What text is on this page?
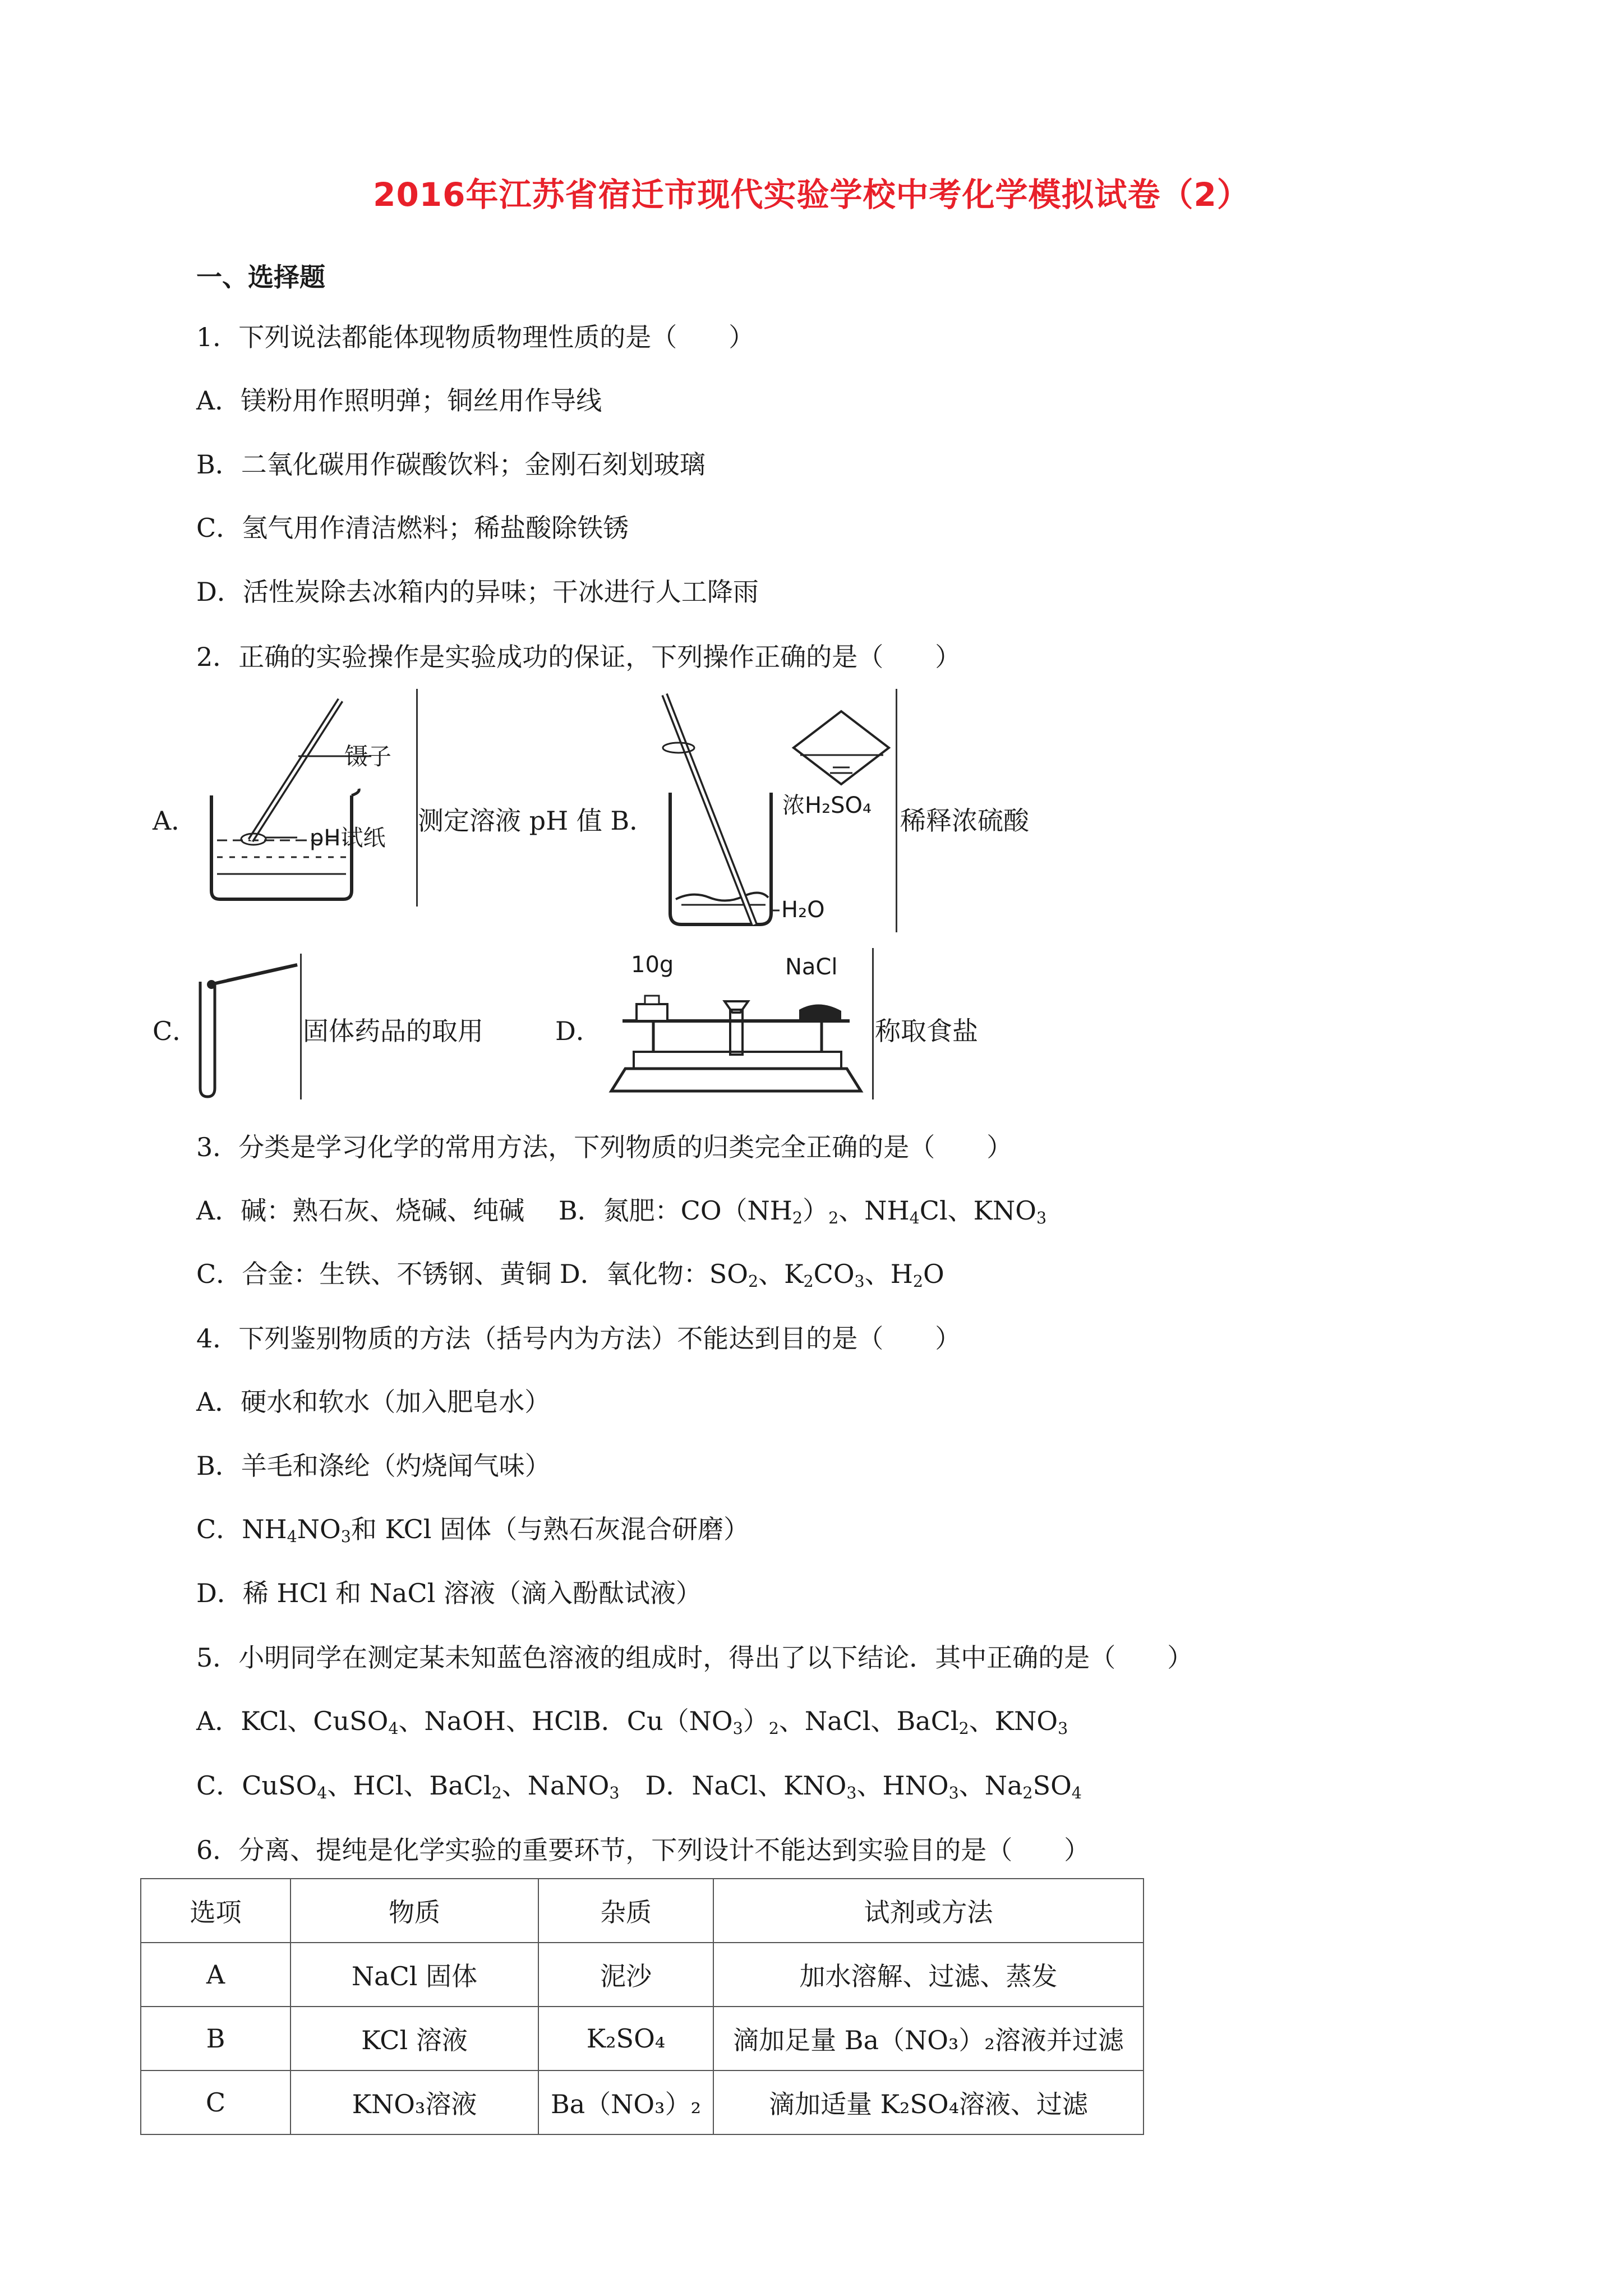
2016年江苏省宿迁市现代实验学校中考化学模拟试卷（2）
一、选择题
1．下列说法都能体现物质物理性质的是（　　）
A．镁粉用作照明弹；铜丝用作导线
B．二氧化碳用作碳酸饮料；金刚石刻划玻璃
C．氢气用作清洁燃料；稀盐酸除铁锈
D．活性炭除去冰箱内的异味；干冰进行人工降雨
2．正确的实验操作是实验成功的保证，下列操作正确的是（　　）
A．
镊子
pH试纸
测定溶液 pH 值 B．	浓H₂SO₄
H₂O
稀释浓硫酸
C．	固体药品的取用	D．
10g	NaCl
称取食盐
3．分类是学习化学的常用方法，下列物质的归类完全正确的是（　　）
A．碱：熟石灰、烧碱、纯碱　 B．氮肥：$CO(NH_2)_2$、$NH_4Cl$、$KNO_3$
C．合金：生铁、不锈钢、黄铜 D．氧化物：$SO_2$、$K_2CO_3$、$H_2O$
4．下列鉴别物质的方法（括号内为方法）不能达到目的是（　　）
A．硬水和软水（加入肥皂水）
B．羊毛和涤纶（灼烧闻气味）
C．$NH_4NO_3$和 KCl 固体（与熟石灰混合研磨）
D．稀 HCl 和 NaCl 溶液（滴入酚酞试液）
5．小明同学在测定某未知蓝色溶液的组成时，得出了以下结论．其中正确的是（　　）
A．KCl、CuSO$_4$、NaOH、HClB．$Cu(NO_3)_2$、NaCl、BaCl$_2$、$KNO_3$
C．CuSO$_4$、HCl、BaCl$_2$、NaNO$_3$　D．NaCl、$KNO_3$、$HNO_3$、$Na_2SO_4$
6．分离、提纯是化学实验的重要环节，下列设计不能达到实验目的是（　　）
选项	物质	杂质	试剂或方法
A	NaCl 固体	泥沙	加水溶解、过滤、蒸发
B	KCl 溶液	K₂SO₄	滴加足量 Ba（NO₃）₂溶液并过滤
C	KNO₃溶液	Ba（NO₃）₂	滴加适量 K₂SO₄溶液、过滤
